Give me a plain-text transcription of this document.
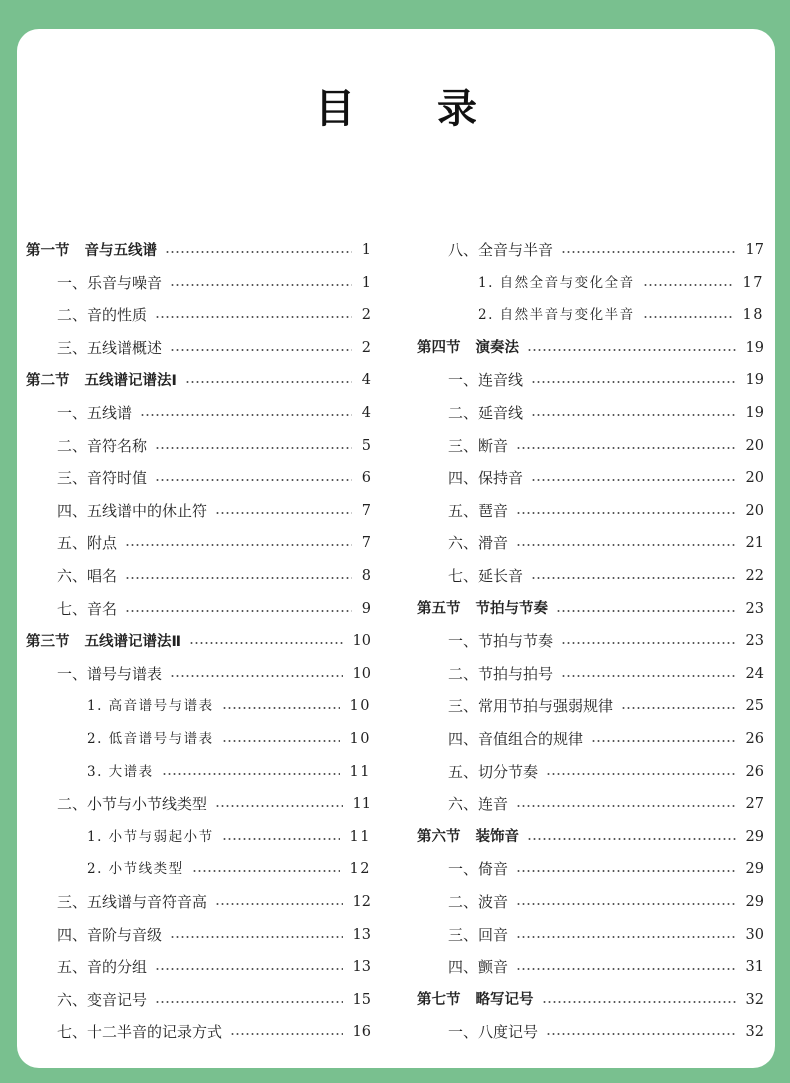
目 录
第一节 音与五线谱	1
一、乐音与噪音	1
二、音的性质	2
三、五线谱概述	2
第二节 五线谱记谱法Ⅰ	4
一、五线谱	4
二、音符名称	5
三、音符时值	6
四、五线谱中的休止符	7
五、附点	7
六、唱名	8
七、音名	9
第三节 五线谱记谱法Ⅱ	10
一、谱号与谱表	10
1. 高音谱号与谱表	10
2. 低音谱号与谱表	10
3. 大谱表	11
二、小节与小节线类型	11
1. 小节与弱起小节	11
2. 小节线类型	12
三、五线谱与音符音高	12
四、音阶与音级	13
五、音的分组	13
六、变音记号	15
七、十二半音的记录方式	16
八、全音与半音	17
1. 自然全音与变化全音	17
2. 自然半音与变化半音	18
第四节 演奏法	19
一、连音线	19
二、延音线	19
三、断音	20
四、保持音	20
五、琶音	20
六、滑音	21
七、延长音	22
第五节 节拍与节奏	23
一、节拍与节奏	23
二、节拍与拍号	24
三、常用节拍与强弱规律	25
四、音值组合的规律	26
五、切分节奏	26
六、连音	27
第六节 装饰音	29
一、倚音	29
二、波音	29
三、回音	30
四、颤音	31
第七节 略写记号	32
一、八度记号	32
